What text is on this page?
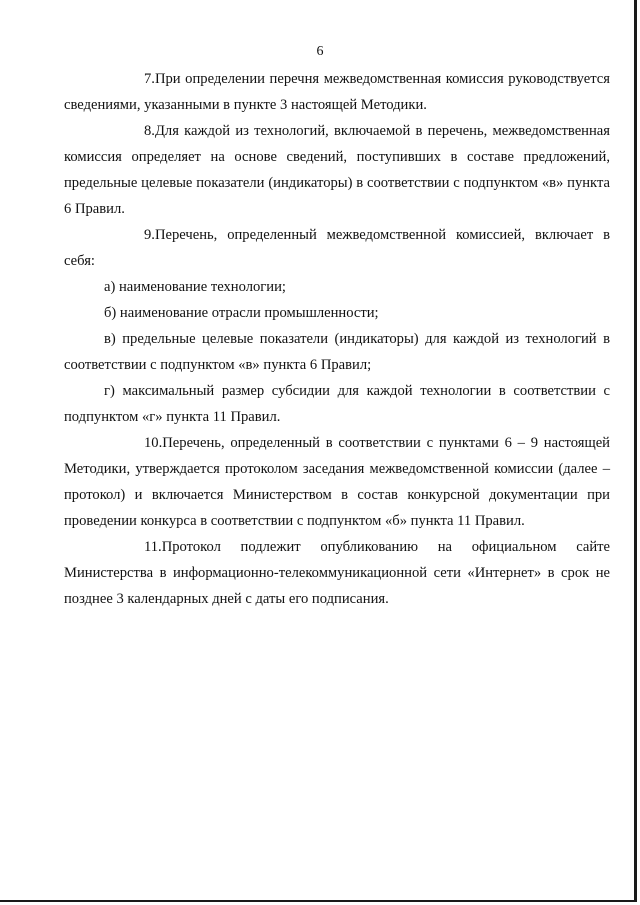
6

7.При определении перечня межведомственная комиссия руководствуется сведениями, указанными в пункте 3 настоящей Методики.

8.Для каждой из технологий, включаемой в перечень, межведомственная комиссия определяет на основе сведений, поступивших в составе предложений, предельные целевые показатели (индикаторы) в соответствии с подпунктом «в» пункта 6 Правил.

9.Перечень, определенный межведомственной комиссией, включает в себя:

а) наименование технологии;

б) наименование отрасли промышленности;

в) предельные целевые показатели (индикаторы) для каждой из технологий в соответствии с подпунктом «в» пункта 6 Правил;

г) максимальный размер субсидии для каждой технологии в соответствии с подпунктом «г» пункта 11 Правил.

10.Перечень, определенный в соответствии с пунктами 6 – 9 настоящей Методики, утверждается протоколом заседания межведомственной комиссии (далее – протокол) и включается Министерством в состав конкурсной документации при проведении конкурса в соответствии с подпунктом «б» пункта 11 Правил.

11.Протокол подлежит опубликованию на официальном сайте Министерства в информационно-телекоммуникационной сети «Интернет» в срок не позднее 3 календарных дней с даты его подписания.
